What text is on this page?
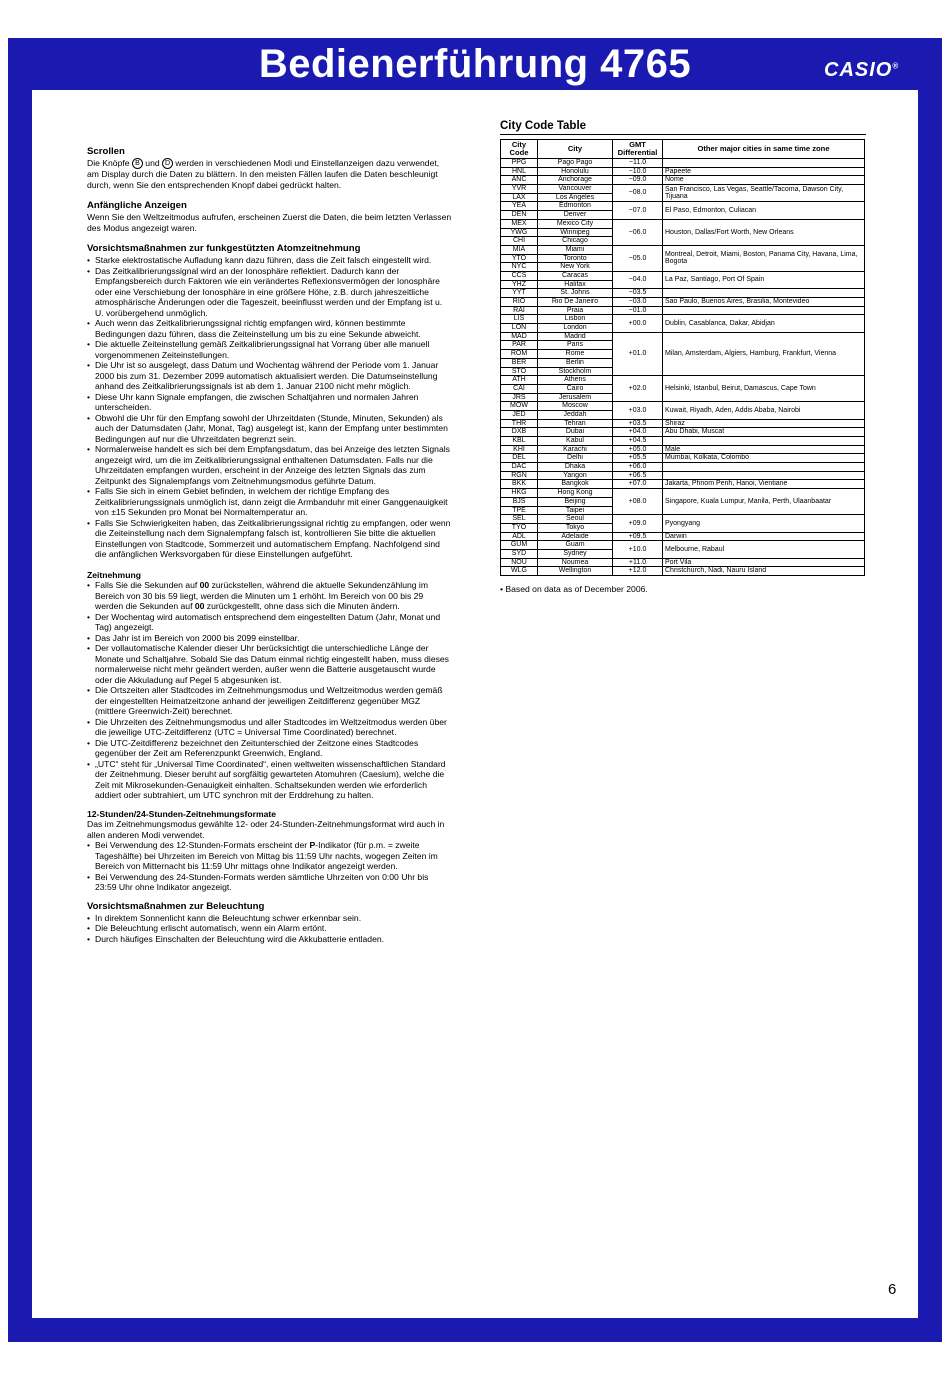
Bedienerführung 4765	CASIO®
Scrollen

Die Knöpfe B und D werden in verschiedenen Modi und Einstellanzeigen dazu verwendet, am Display durch die Daten zu blättern. In den meisten Fällen laufen die Daten beschleunigt durch, wenn Sie den entsprechenden Knopf dabei gedrückt halten.

Anfängliche Anzeigen

Wenn Sie den Weltzeitmodus aufrufen, erscheinen Zuerst die Daten, die beim letzten Verlassen des Modus angezeigt waren.

Vorsichtsmaßnahmen zur funkgestützten Atomzeitnehmung
• Starke elektrostatische Aufladung kann dazu führen, dass die Zeit falsch eingestellt wird.
• Das Zeitkalibrierungssignal wird an der Ionosphäre reflektiert. Dadurch kann der Empfangsbereich durch Faktoren wie ein verändertes Reflexionsvermögen der Ionosphäre oder eine Verschiebung der Ionosphäre in eine größere Höhe, z.B. durch jahreszeitliche atmosphärische Änderungen oder die Tageszeit, beeinflusst werden und der Empfang ist u. U. vorübergehend unmöglich.
• Auch wenn das Zeitkalibrierungssignal richtig empfangen wird, können bestimmte Bedingungen dazu führen, dass die Zeiteinstellung um bis zu eine Sekunde abweicht.
• Die aktuelle Zeiteinstellung gemäß Zeitkalibrierungssignal hat Vorrang über alle manuell vorgenommenen Zeiteinstellungen.
• Die Uhr ist so ausgelegt, dass Datum und Wochentag während der Periode vom 1. Januar 2000 bis zum 31. Dezember 2099 automatisch aktualisiert werden. Die Datumseinstellung anhand des Zeitkalibrierungssignals ist ab dem 1. Januar 2100 nicht mehr möglich.
• Diese Uhr kann Signale empfangen, die zwischen Schaltjahren und normalen Jahren unterscheiden.
• Obwohl die Uhr für den Empfang sowohl der Uhrzeitdaten (Stunde, Minuten, Sekunden) als auch der Datumsdaten (Jahr, Monat, Tag) ausgelegt ist, kann der Empfang unter bestimmten Bedingungen auf nur die Uhrzeitdaten begrenzt sein.
• Normalerweise handelt es sich bei dem Empfangsdatum, das bei Anzeige des letzten Signals angezeigt wird, um die im Zeitkalibrierungssignal enthaltenen Datumsdaten. Falls nur die Uhrzeitdaten empfangen wurden, erscheint in der Anzeige des letzten Signals das zum Zeitpunkt des Signalempfangs vom Zeitnehmungsmodus geführte Datum.
• Falls Sie sich in einem Gebiet befinden, in welchem der richtige Empfang des Zeitkalibrierungssignals unmöglich ist, dann zeigt die Armbanduhr mit einer Ganggenauigkeit von ±15 Sekunden pro Monat bei Normaltemperatur an.
• Falls Sie Schwierigkeiten haben, das Zeitkalibrierungssignal richtig zu empfangen, oder wenn die Zeiteinstellung nach dem Signalempfang falsch ist, kontrollieren Sie bitte die aktuellen Einstellungen von Stadtcode, Sommerzeit und automatischem Empfang. Nachfolgend sind die anfänglichen Werksvorgaben für diese Einstellungen aufgeführt.
Zeitnehmung
• Falls Sie die Sekunden auf 00 zurückstellen, während die aktuelle Sekundenzählung im Bereich von 30 bis 59 liegt, werden die Minuten um 1 erhöht. Im Bereich von 00 bis 29 werden die Sekunden auf 00 zurückgestellt, ohne dass sich die Minuten ändern.
• Der Wochentag wird automatisch entsprechend dem eingestellten Datum (Jahr, Monat und Tag) angezeigt.
• Das Jahr ist im Bereich von 2000 bis 2099 einstellbar.
• Der vollautomatische Kalender dieser Uhr berücksichtigt die unterschiedliche Länge der Monate und Schaltjahre. Sobald Sie das Datum einmal richtig eingestellt haben, muss dieses normalerweise nicht mehr geändert werden, außer wenn die Batterie ausgetauscht wurde oder die Akkuladung auf Pegel 5 abgesunken ist.
• Die Ortszeiten aller Stadtcodes im Zeitnehmungsmodus und Weltzeitmodus werden gemäß der eingestellten Heimatzeitzone anhand der jeweiligen Zeitdifferenz gegenüber MGZ (mittlere Greenwich-Zeit) berechnet.
• Die Uhrzeiten des Zeitnehmungsmodus und aller Stadtcodes im Weltzeitmodus werden über die jeweilige UTC-Zeitdifferenz (UTC = Universal Time Coordinated) berechnet.
• Die UTC-Zeitdifferenz bezeichnet den Zeitunterschied der Zeitzone eines Stadtcodes gegenüber der Zeit am Referenzpunkt Greenwich, England.
• „UTC“ steht für „Universal Time Coordinated“, einen weltweiten wissenschaftlichen Standard der Zeitnehmung. Dieser beruht auf sorgfältig gewarteten Atomuhren (Caesium), welche die Zeit mit Mikrosekunden-Genauigkeit einhalten. Schaltsekunden werden wie erforderlich addiert oder subtrahiert, um UTC synchron mit der Erddrehung zu halten.
12-Stunden/24-Stunden-Zeitnehmungsformate

Das im Zeitnehmungsmodus gewählte 12- oder 24-Stunden-Zeitnehmungsformat wird auch in allen anderen Modi verwendet.

• Bei Verwendung des 12-Stunden-Formats erscheint der P-Indikator (für p.m. = zweite Tageshälfte) bei Uhrzeiten im Bereich von Mittag bis 11:59 Uhr nachts, wogegen Zeiten im Bereich von Mitternacht bis 11:59 Uhr mittags ohne Indikator angezeigt werden.
• Bei Verwendung des 24-Stunden-Formats werden sämtliche Uhrzeiten von 0:00 Uhr bis 23:59 Uhr ohne Indikator angezeigt.
Vorsichtsmaßnahmen zur Beleuchtung
• In direktem Sonnenlicht kann die Beleuchtung schwer erkennbar sein.
• Die Beleuchtung erlischt automatisch, wenn ein Alarm ertönt.
• Durch häufiges Einschalten der Beleuchtung wird die Akkubatterie entladen.
City Code Table
City Code	City	GMT Differential	Other major cities in same time zone
PPG	Pago Pago	−11.0	
HNL	Honolulu	−10.0	Papeete
ANC	Anchorage	−09.0	Nome
YVR	Vancouver	−08.0	San Francisco, Las Vegas, Seattle/Tacoma, Dawson City, Tijuana
LAX	Los Angeles		
YEA	Edmonton	−07.0	El Paso, Edmonton, Culiacan
DEN	Denver		
MEX	Mexico City	−06.0	Houston, Dallas/Fort Worth, New Orleans
YWG	Winnipeg		
CHI	Chicago		
MIA	Miami	−05.0	Montreal, Detroit, Miami, Boston, Panama City, Havana, Lima, Bogota
YTO	Toronto		
NYC	New York		
CCS	Caracas	−04.0	La Paz, Santiago, Port Of Spain
YHZ	Halifax		
YYT	St. Johns	−03.5	
RIO	Rio De Janeiro	−03.0	Sao Paulo, Buenos Aires, Brasilia, Montevideo
RAI	Praia	−01.0	
LIS	Lisbon	+00.0	Dublin, Casablanca, Dakar, Abidjan
LON	London		
MAD	Madrid	+01.0	Milan, Amsterdam, Algiers, Hamburg, Frankfurt, Vienna
PAR	Paris		
ROM	Rome		
BER	Berlin		
STO	Stockholm		
ATH	Athens	+02.0	Helsinki, Istanbul, Beirut, Damascus, Cape Town
CAI	Cairo		
JRS	Jerusalem		
MOW	Moscow	+03.0	Kuwait, Riyadh, Aden, Addis Ababa, Nairobi
JED	Jeddah		
THR	Tehran	+03.5	Shiraz
DXB	Dubai	+04.0	Abu Dhabi, Muscat
KBL	Kabul	+04.5	
KHI	Karachi	+05.0	Male
DEL	Delhi	+05.5	Mumbai, Kolkata, Colombo
DAC	Dhaka	+06.0	
RGN	Yangon	+06.5	
BKK	Bangkok	+07.0	Jakarta, Phnom Penh, Hanoi, Vientiane
HKG	Hong Kong	+08.0	Singapore, Kuala Lumpur, Manila, Perth, Ulaanbaatar
BJS	Beijing		
TPE	Taipei		
SEL	Seoul	+09.0	Pyongyang
TYO	Tokyo		
ADL	Adelaide	+09.5	Darwin
GUM	Guam	+10.0	Melbourne, Rabaul
SYD	Sydney		
NOU	Noumea	+11.0	Port Vila
WLG	Wellington	+12.0	Christchurch, Nadi, Nauru Island
• Based on data as of December 2006.
6
